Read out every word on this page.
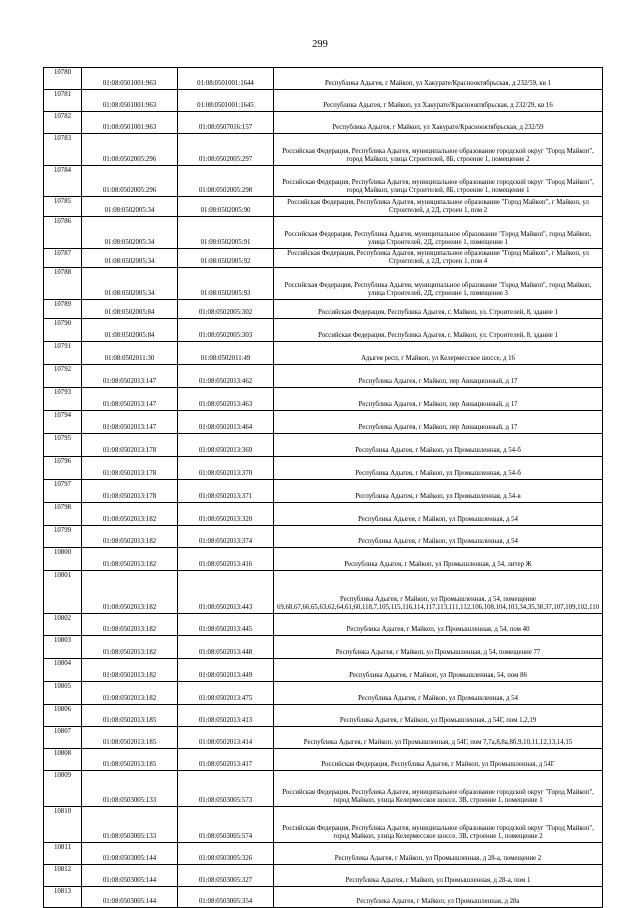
299
10780	01:08:0501001:963	01:08:0501001:1644	Республика Адыгея, г Майкоп, ул Хакурате/Краснооктябрьская, д 232/59, кв 1
10781	01:08:0501001:963	01:08:0501001:1645	Республика Адыгея, г Майкоп, ул Хакурате/Краснооктябрьская, д 232/29, кв 16
10782	01:08:0501001:963	01:08:0507016:157	Республика Адыгея, г Майкоп, ул Хакурате/Краснооктябрьская, д 232/59
10783	01:08:0502005:296	01:08:0502005:297	Российская Федерация, Республика Адыгея, муниципальное образование городской округ "Город Майкоп", город Майкоп, улица Строителей, 8Б, строение 1, помещение 2
10784	01:08:0502005:296	01:08:0502005:298	Российская Федерация, Республика Адыгея, муниципальное образование городской округ "Город Майкоп", город Майкоп, улица Строителей, 8Б, строение 1, помещение 1
10785	01:08:0502005:34	01:08:0502005:90	Российская Федерация, Республика Адыгея, муниципальное образование "Город Майкоп", г Майкоп, ул Строителей, д 2Д, строен 1, пом 2
10786	01:08:0502005:34	01:08:0502005:91	Российская Федерация, Республика Адыгея, муниципальное образование "Город Майкоп", город Майкоп, улица Строителей, 2Д, строение 1, помещение 1
10787	01:08:0502005:34	01:08:0502005:92	Российская Федерация, Республика Адыгея, муниципальное образование "Город Майкоп", г Майкоп, ул Строителей, д 2Д, строен 1, пом 4
10788	01:08:0502005:34	01:08:0502005:93	Российская Федерация, Республика Адыгея, муниципальное образование "Город Майкоп", город Майкоп, улица Строителей, 2Д, строение 1, помещение 3
10789	01:08:0502005:84	01:08:0502005:302	Российская Федерация, Республика Адыгея, г. Майкоп, ул. Строителей, 8, здание 1
10790	01:08:0502005:84	01:08:0502005:303	Российская Федерация, Республика Адыгея, г. Майкоп, ул. Строителей, 8, здание 1
10791	01:08:0502011:30	01:08:0502011:49	Адыгея респ, г Майкоп, ул Келермесское шоссе, д 16
10792	01:08:0502013:147	01:08:0502013:462	Республика Адыгея, г Майкоп, пер Авиационный, д 17
10793	01:08:0502013:147	01:08:0502013:463	Республика Адыгея, г Майкоп, пер Авиационный, д 17
10794	01:08:0502013:147	01:08:0502013:464	Республика Адыгея, г Майкоп, пер Авиационный, д 17
10795	01:08:0502013:178	01:08:0502013:369	Республика Адыгея, г Майкоп, ул Промышленная, д 54-б
10796	01:08:0502013:178	01:08:0502013:370	Республика Адыгея, г Майкоп, ул Промышленная, д 54-б
10797	01:08:0502013:178	01:08:0502013:371	Республика Адыгея, г Майкоп, ул Промышленная, д 54-в
10798	01:08:0502013:182	01:08:0502013:320	Республика Адыгея, г Майкоп, ул Промышленная, д 54
10799	01:08:0502013:182	01:08:0502013:374	Республика Адыгея, г Майкоп, ул Промышленная, д 54
10800	01:08:0502013:182	01:08:0502013:416	Республика Адыгея, г Майкоп, ул Промышленная, д 54, литер Ж
10801	01:08:0502013:182	01:08:0502013:443	Республика Адыгея, г Майкоп, ул Промышленная, д 54, помещение 69,68,67,66,65,63,62,64,61,60,118,7,105,115,116,114,117,113,111,112,106,108,104,103,34,35,38,37,107,109,102,110
10802	01:08:0502013:182	01:08:0502013:445	Республика Адыгея, г Майкоп, ул Промышленная, д 54, пом 40
10803	01:08:0502013:182	01:08:0502013:448	Республика Адыгея, г Майкоп, ул Промышленная, д 54, помещение 77
10804	01:08:0502013:182	01:08:0502013:449	Республика Адыгея, г Майкоп, ул Промышленная, 54, пом 86
10805	01:08:0502013:182	01:08:0502013:475	Республика Адыгея, г Майкоп, ул Промышленная, д 54
10806	01:08:0502013:185	01:08:0502013:413	Республика Адыгея, г Майкоп, ул Промышленная, д 54Г, пом 1,2,19
10807	01:08:0502013:185	01:08:0502013:414	Республика Адыгея, г Майкоп, ул Промышленная, д 54Г, пом 7,7а,8,8а,8б,9,10,11,12,13,14,15
10808	01:08:0502013:185	01:08:0502013:417	Российская Федерация, Республика Адыгея, г Майкоп, ул Промышленная, д 54Г
10809	01:08:0503005:133	01:08:0503005:573	Российская Федерация, Республика Адыгея, муниципальное образование городской округ "Город Майкоп", город Майкоп, улица Келермесское шоссе, 3В, строение 1, помещение 1
10810	01:08:0503005:133	01:08:0503005:574	Российская Федерация, Республика Адыгея, муниципальное образование городской округ "Город Майкоп", город Майкоп, улица Келермесское шоссе, 3В, строение 1, помещение 2
10811	01:08:0503005:144	01:08:0503005:326	Республика Адыгея, г Майкоп, ул Промышленная, д 28-а, помещение 2
10812	01:08:0503005:144	01:08:0503005:327	Республика Адыгея, г Майкоп, ул Промышленная, д 28-а, пом 1
10813	01:08:0503005:144	01:08:0503005:354	Республика Адыгея, г Майкоп, ул Промышленная, д 28а
